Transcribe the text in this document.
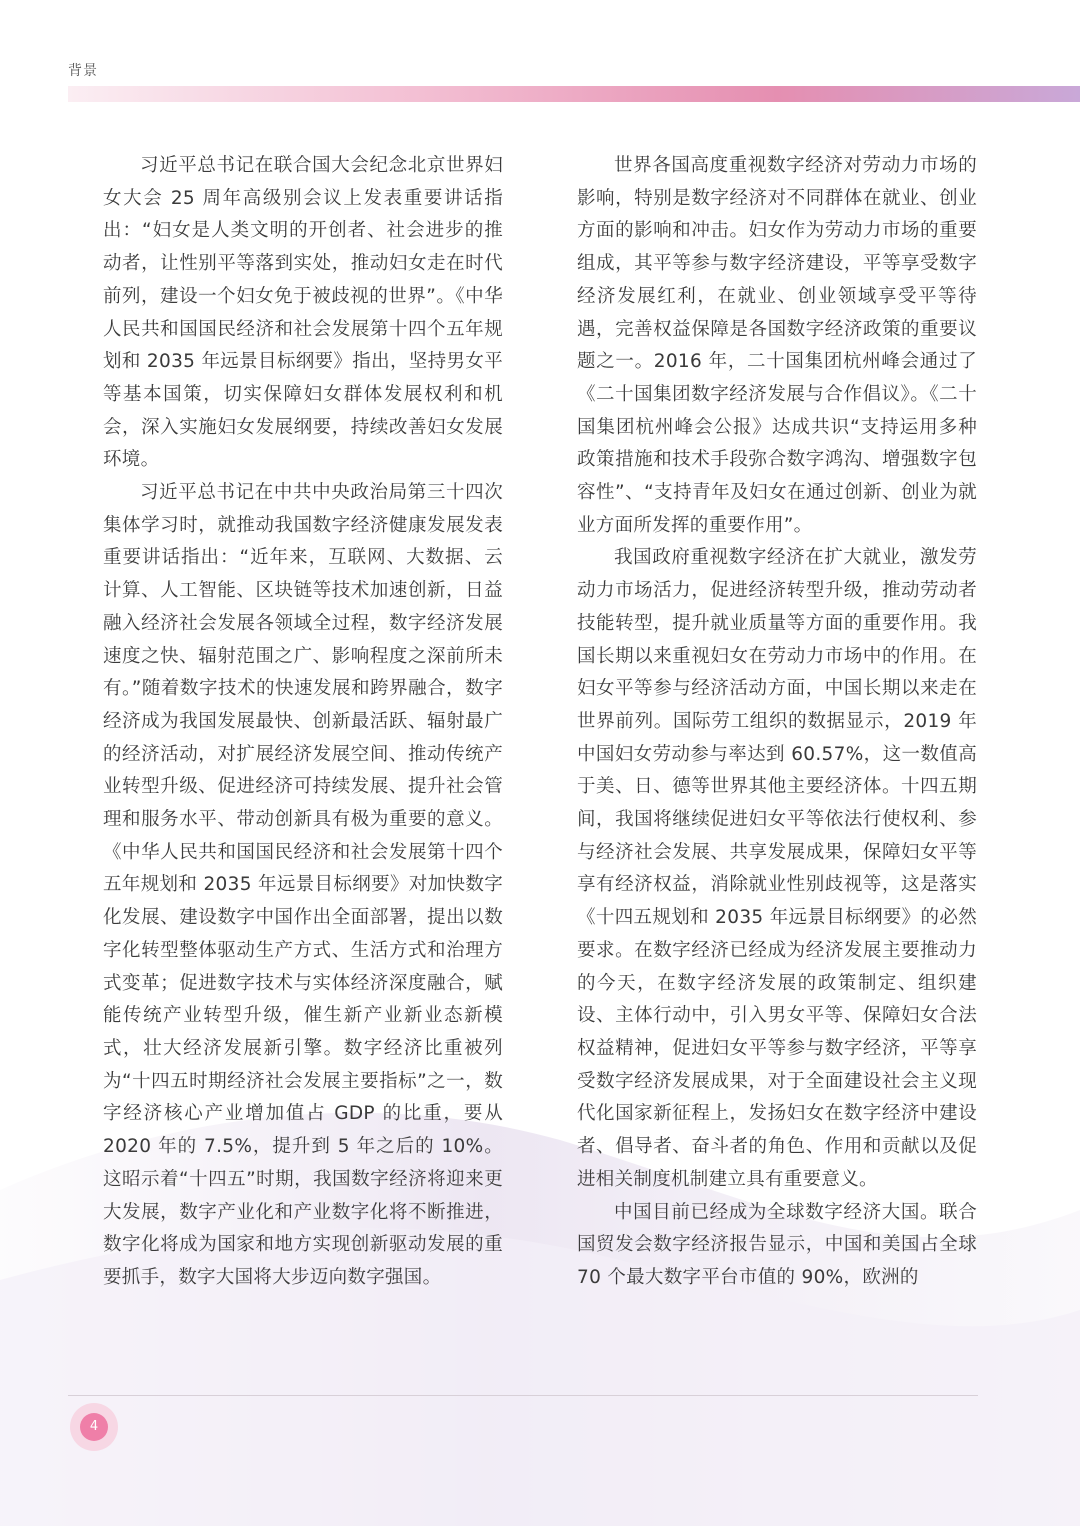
背景

习近平总书记在联合国大会纪念北京世界妇女大会 25 周年高级别会议上发表重要讲话指出：“妇女是人类文明的开创者、社会进步的推动者，让性别平等落到实处，推动妇女走在时代前列，建设一个妇女免于被歧视的世界”。《中华人民共和国国民经济和社会发展第十四个五年规划和 2035 年远景目标纲要》指出，坚持男女平等基本国策，切实保障妇女群体发展权利和机会，深入实施妇女发展纲要，持续改善妇女发展环境。

习近平总书记在中共中央政治局第三十四次集体学习时，就推动我国数字经济健康发展发表重要讲话指出：“近年来，互联网、大数据、云计算、人工智能、区块链等技术加速创新，日益融入经济社会发展各领域全过程，数字经济发展速度之快、辐射范围之广、影响程度之深前所未有。”随着数字技术的快速发展和跨界融合，数字经济成为我国发展最快、创新最活跃、辐射最广的经济活动，对扩展经济发展空间、推动传统产业转型升级、促进经济可持续发展、提升社会管理和服务水平、带动创新具有极为重要的意义。《中华人民共和国国民经济和社会发展第十四个五年规划和 2035 年远景目标纲要》对加快数字化发展、建设数字中国作出全面部署，提出以数字化转型整体驱动生产方式、生活方式和治理方式变革；促进数字技术与实体经济深度融合，赋能传统产业转型升级，催生新产业新业态新模式，壮大经济发展新引擎。数字经济比重被列为“十四五时期经济社会发展主要指标”之一，数字经济核心产业增加值占 GDP 的比重，要从 2020 年的 7.5%，提升到 5 年之后的 10%。这昭示着“十四五”时期，我国数字经济将迎来更大发展，数字产业化和产业数字化将不断推进，数字化将成为国家和地方实现创新驱动发展的重要抓手，数字大国将大步迈向数字强国。

世界各国高度重视数字经济对劳动力市场的影响，特别是数字经济对不同群体在就业、创业方面的影响和冲击。妇女作为劳动力市场的重要组成，其平等参与数字经济建设，平等享受数字经济发展红利，在就业、创业领域享受平等待遇，完善权益保障是各国数字经济政策的重要议题之一。2016 年，二十国集团杭州峰会通过了《二十国集团数字经济发展与合作倡议》。《二十国集团杭州峰会公报》达成共识“支持运用多种政策措施和技术手段弥合数字鸿沟、增强数字包容性”、“支持青年及妇女在通过创新、创业为就业方面所发挥的重要作用”。

我国政府重视数字经济在扩大就业，激发劳动力市场活力，促进经济转型升级，推动劳动者技能转型，提升就业质量等方面的重要作用。我国长期以来重视妇女在劳动力市场中的作用。在妇女平等参与经济活动方面，中国长期以来走在世界前列。国际劳工组织的数据显示，2019 年中国妇女劳动参与率达到 60.57%，这一数值高于美、日、德等世界其他主要经济体。十四五期间，我国将继续促进妇女平等依法行使权利、参与经济社会发展、共享发展成果，保障妇女平等享有经济权益，消除就业性别歧视等，这是落实《十四五规划和 2035 年远景目标纲要》的必然要求。在数字经济已经成为经济发展主要推动力的今天，在数字经济发展的政策制定、组织建设、主体行动中，引入男女平等、保障妇女合法权益精神，促进妇女平等参与数字经济，平等享受数字经济发展成果，对于全面建设社会主义现代化国家新征程上，发扬妇女在数字经济中建设者、倡导者、奋斗者的角色、作用和贡献以及促进相关制度机制建立具有重要意义。

中国目前已经成为全球数字经济大国。联合国贸发会数字经济报告显示，中国和美国占全球 70 个最大数字平台市值的 90%，欧洲的

4
